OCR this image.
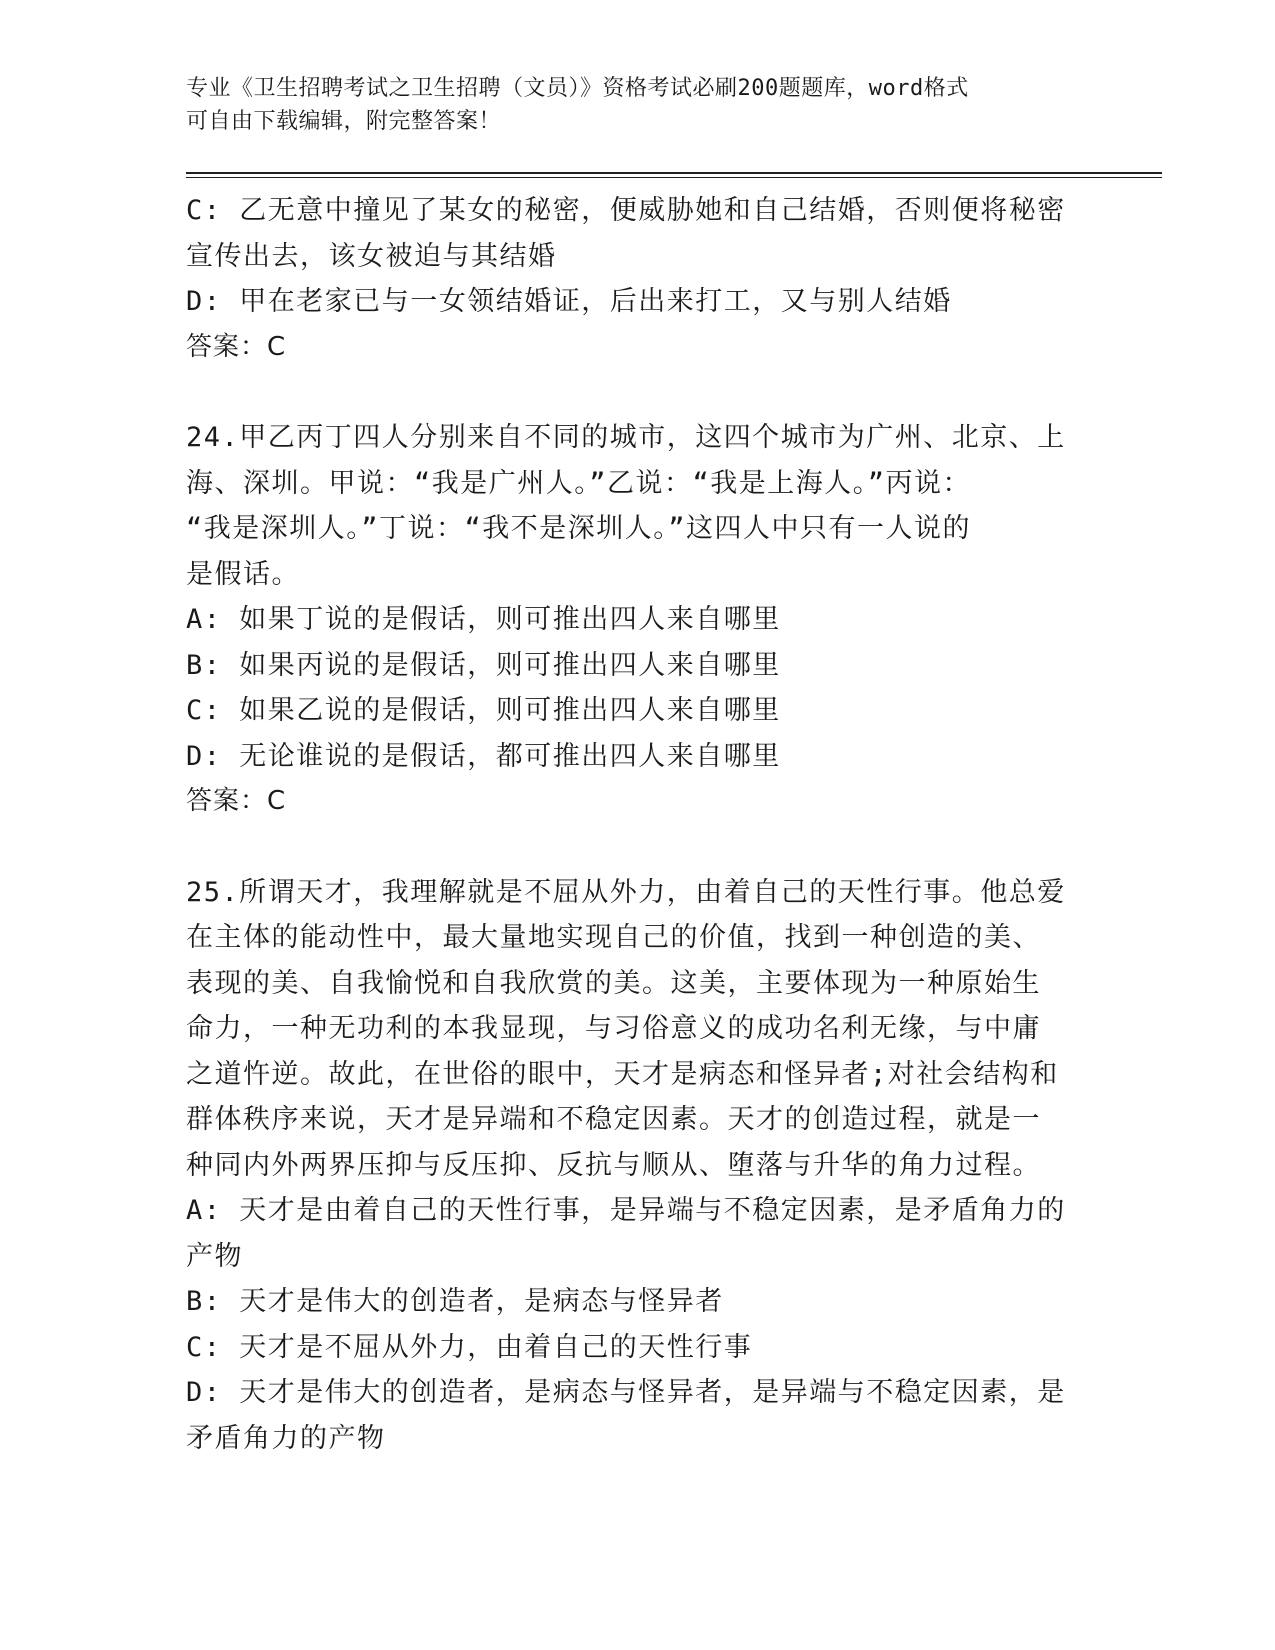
专业《卫生招聘考试之卫生招聘（文员）》资格考试必刷200题题库，word格式
可自由下载编辑，附完整答案！
C: 乙无意中撞见了某女的秘密，便威胁她和自己结婚，否则便将秘密
宣传出去，该女被迫与其结婚
D: 甲在老家已与一女领结婚证，后出来打工，又与别人结婚
答案：C
24.甲乙丙丁四人分别来自不同的城市，这四个城市为广州、北京、上
海、深圳。甲说：“我是广州人。”乙说：“我是上海人。”丙说：
“我是深圳人。”丁说：“我不是深圳人。”这四人中只有一人说的
是假话。
A: 如果丁说的是假话，则可推出四人来自哪里
B: 如果丙说的是假话，则可推出四人来自哪里
C: 如果乙说的是假话，则可推出四人来自哪里
D: 无论谁说的是假话，都可推出四人来自哪里
答案：C
25.所谓天才，我理解就是不屈从外力，由着自己的天性行事。他总爱
在主体的能动性中，最大量地实现自己的价值，找到一种创造的美、
表现的美、自我愉悦和自我欣赏的美。这美，主要体现为一种原始生
命力，一种无功利的本我显现，与习俗意义的成功名利无缘，与中庸
之道忤逆。故此，在世俗的眼中，天才是病态和怪异者;对社会结构和
群体秩序来说，天才是异端和不稳定因素。天才的创造过程，就是一
种同内外两界压抑与反压抑、反抗与顺从、堕落与升华的角力过程。
A: 天才是由着自己的天性行事，是异端与不稳定因素，是矛盾角力的
产物
B: 天才是伟大的创造者，是病态与怪异者
C: 天才是不屈从外力，由着自己的天性行事
D: 天才是伟大的创造者，是病态与怪异者，是异端与不稳定因素，是
矛盾角力的产物
